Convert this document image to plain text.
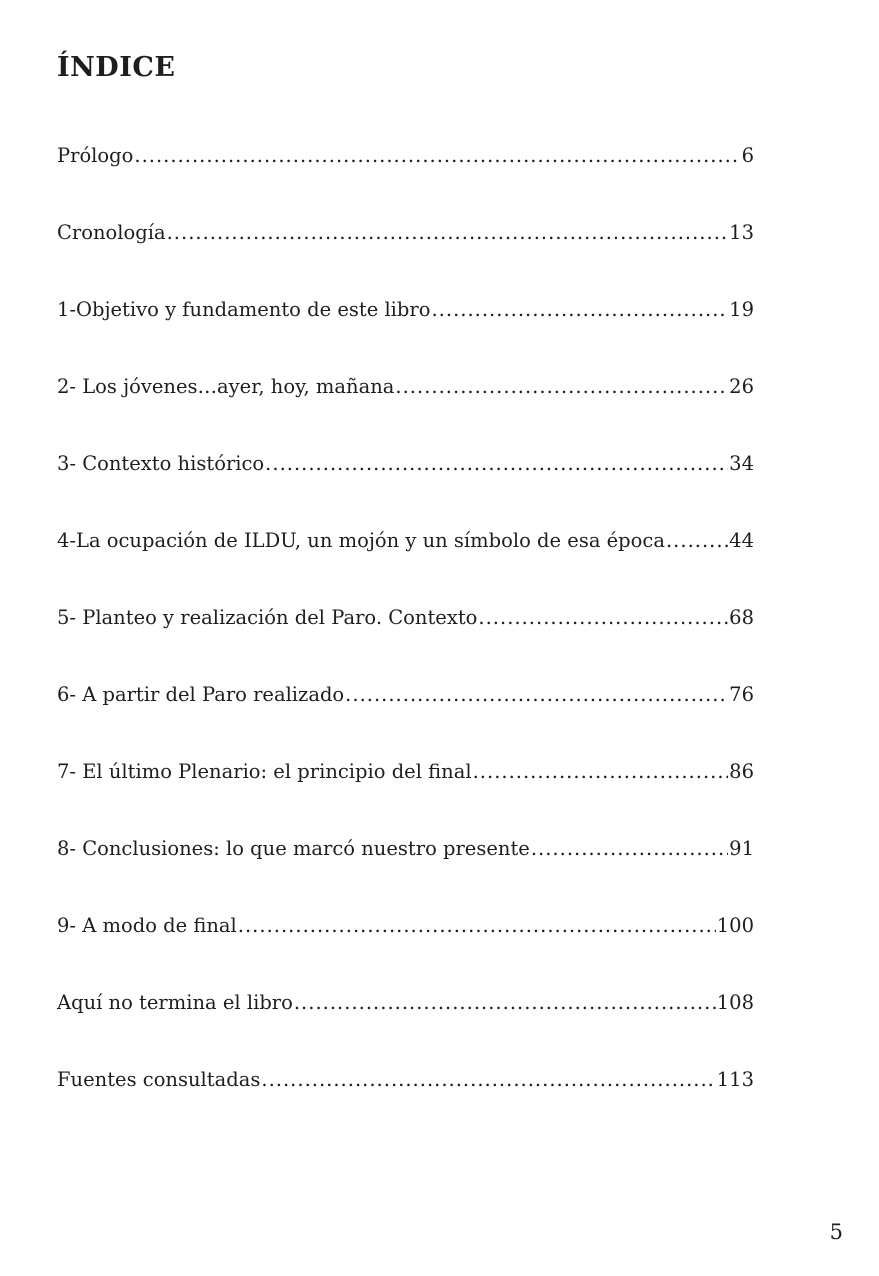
ÍNDICE
Prólogo .....	6
Cronología .....	13
1-Objetivo y fundamento de este libro .....	19
2- Los jóvenes…ayer, hoy, mañana .....	26
3- Contexto histórico .....	34
4-La ocupación de ILDU, un mojón y un símbolo de esa época .....	44
5- Planteo y realización del Paro. Contexto .....	68
6- A partir del Paro realizado .....	76
7- El último Plenario: el principio del final .....	86
8- Conclusiones: lo que marcó nuestro presente .....	91
9- A modo de final .....	100
Aquí no termina el libro .....	108
Fuentes consultadas .....	113
5
